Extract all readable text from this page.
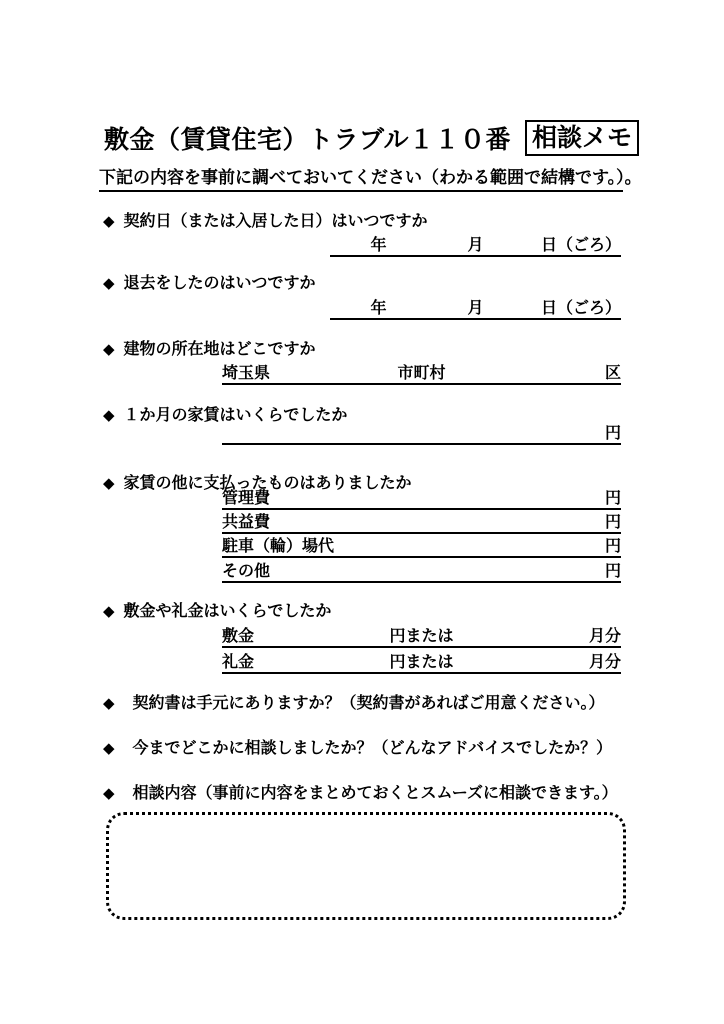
敷金（賃貸住宅）トラブル１１０番 相談メモ
下記の内容を事前に調べておいてください（わかる範囲で結構です。）。
◆ 契約日（または入居した日）はいつですか
年	月	日（ごろ）
◆ 退去をしたのはいつですか
年	月	日（ごろ）
◆ 建物の所在地はどこですか
埼玉県	市町村	区
◆ １か月の家賃はいくらでしたか
円
◆ 家賃の他に支払ったものはありましたか
管理費	円
共益費	円
駐車（輪）場代	円
その他	円
◆ 敷金や礼金はいくらでしたか
敷金	円または	月分
礼金	円または	月分
◆ 契約書は手元にありますか？（契約書があればご用意ください。）
◆ 今までどこかに相談しましたか？（どんなアドバイスでしたか？）
◆ 相談内容（事前に内容をまとめておくとスムーズに相談できます。）
